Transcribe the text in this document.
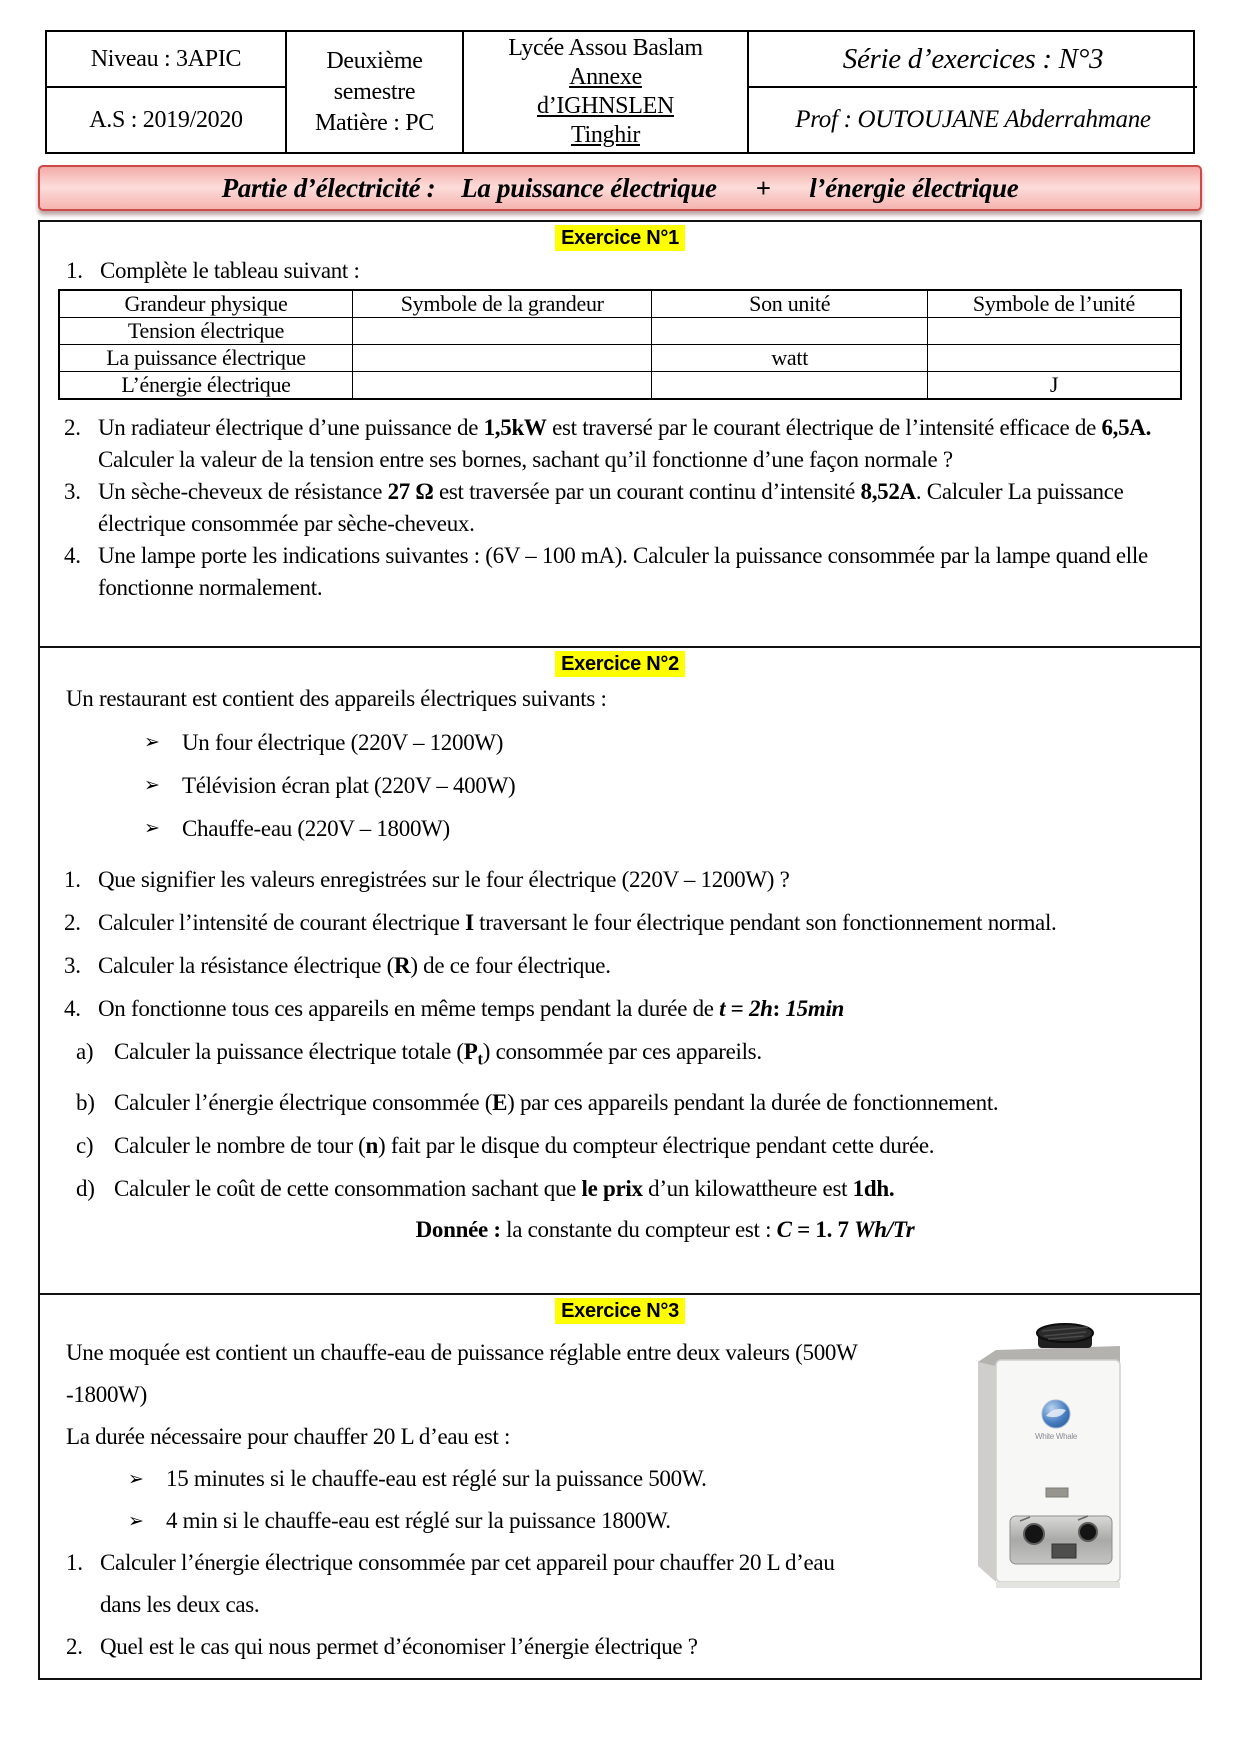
Niveau : 3APIC
A.S : 2019/2020
Deuxième
semestre
Matière : PC
Lycée Assou Baslam
Annexe
d’IGHNSLEN
Tinghir
Série d’exercices : N°3
Prof : OUTOUJANE Abderrahmane
Partie d’électricité :    La puissance électrique      +      l’énergie électrique
Exercice N°1
1. Complète le tableau suivant :
Grandeur physique	Symbole de la grandeur	Son unité	Symbole de l’unité
Tension électrique			
La puissance électrique		watt	
L’énergie électrique			J
2. Un radiateur électrique d’une puissance de 1,5kW est traversé par le courant électrique de l’intensité efficace de 6,5A. Calculer la valeur de la tension entre ses bornes, sachant qu’il fonctionne d’une façon normale ?
3. Un sèche-cheveux de résistance 27 Ω est traversée par un courant continu d’intensité 8,52A. Calculer La puissance électrique consommée par sèche-cheveux.
4. Une lampe porte les indications suivantes : (6V – 100 mA). Calculer la puissance consommée par la lampe quand elle fonctionne normalement.
Exercice N°2
Un restaurant est contient des appareils électriques suivants :
➢ Un four électrique (220V – 1200W)
➢ Télévision écran plat (220V – 400W)
➢ Chauffe-eau (220V – 1800W)
1. Que signifier les valeurs enregistrées sur le four électrique (220V – 1200W) ?
2. Calculer l’intensité de courant électrique I traversant le four électrique pendant son fonctionnement normal.
3. Calculer la résistance électrique (R) de ce four électrique.
4. On fonctionne tous ces appareils en même temps pendant la durée de t = 2h: 15min
a) Calculer la puissance électrique totale $(P_t)$ consommée par ces appareils.
b) Calculer l’énergie électrique consommée (E) par ces appareils pendant la durée de fonctionnement.
c) Calculer le nombre de tour (n) fait par le disque du compteur électrique pendant cette durée.
d) Calculer le coût de cette consommation sachant que le prix d’un kilowattheure est 1dh.
Donnée : la constante du compteur est : C = 1. 7 Wh/Tr
Exercice N°3
Une moquée est contient un chauffe-eau de puissance réglable entre deux valeurs (500W -1800W)
La durée nécessaire pour chauffer 20 L d’eau est :
➢ 15 minutes si le chauffe-eau est réglé sur la puissance 500W.
➢ 4 min si le chauffe-eau est réglé sur la puissance 1800W.
1. Calculer l’énergie électrique consommée par cet appareil pour chauffer 20 L d’eau dans les deux cas.
2. Quel est le cas qui nous permet d’économiser l’énergie électrique ?
White Whale
